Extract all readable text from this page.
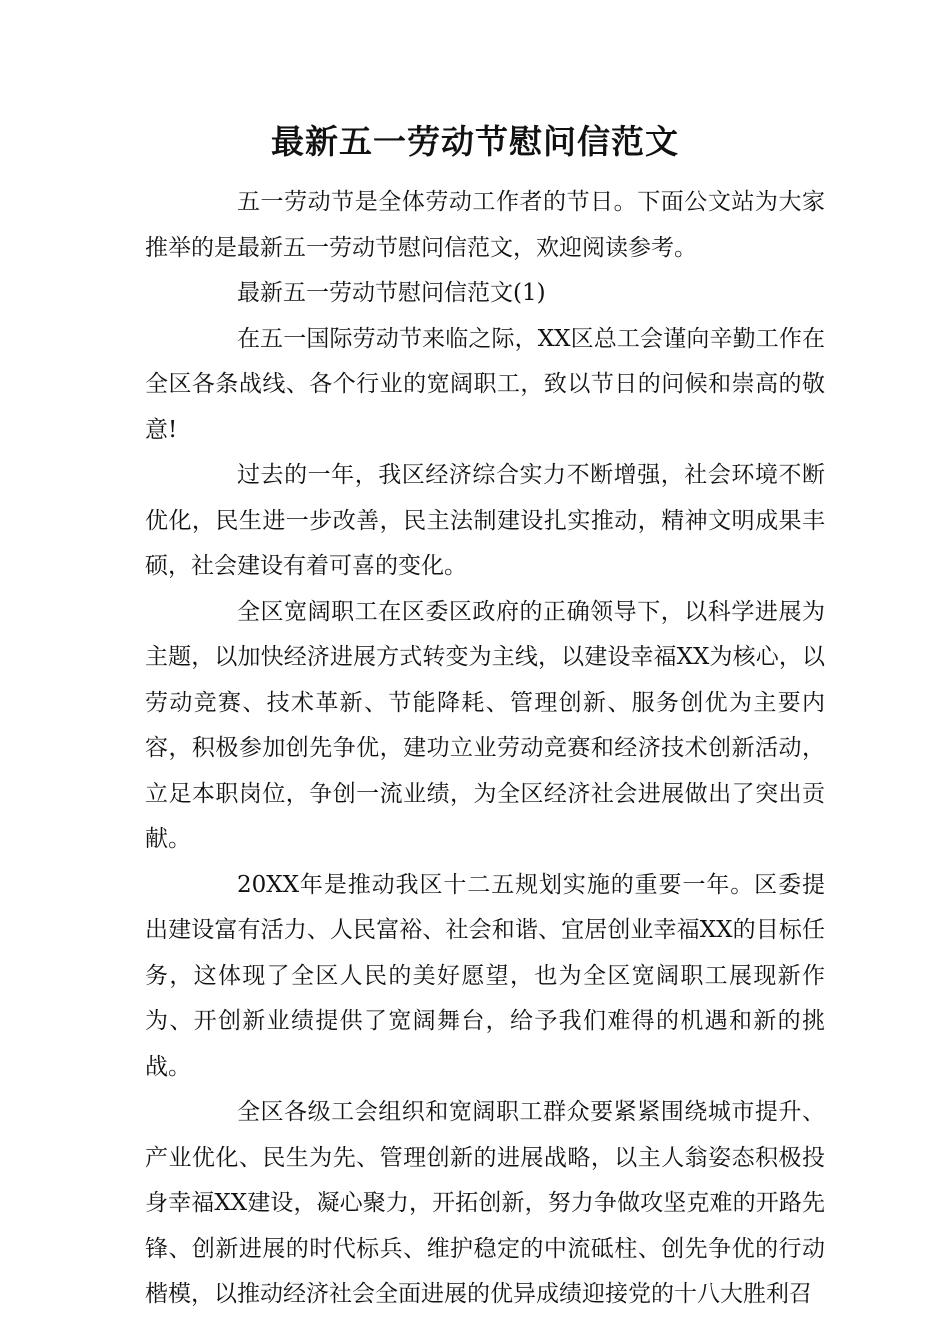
最新五一劳动节慰问信范文

五一劳动节是全体劳动工作者的节日。下面公文站为大家推举的是最新五一劳动节慰问信范文，欢迎阅读参考。

最新五一劳动节慰问信范文(1)

在五一国际劳动节来临之际，XX区总工会谨向辛勤工作在全区各条战线、各个行业的宽阔职工，致以节日的问候和崇高的敬意!

过去的一年，我区经济综合实力不断增强，社会环境不断优化，民生进一步改善，民主法制建设扎实推动，精神文明成果丰硕，社会建设有着可喜的变化。

全区宽阔职工在区委区政府的正确领导下，以科学进展为主题，以加快经济进展方式转变为主线，以建设幸福XX为核心，以劳动竞赛、技术革新、节能降耗、管理创新、服务创优为主要内容，积极参加创先争优，建功立业劳动竞赛和经济技术创新活动，立足本职岗位，争创一流业绩，为全区经济社会进展做出了突出贡献。

20XX年是推动我区十二五规划实施的重要一年。区委提出建设富有活力、人民富裕、社会和谐、宜居创业幸福XX的目标任务，这体现了全区人民的美好愿望，也为全区宽阔职工展现新作为、开创新业绩提供了宽阔舞台，给予我们难得的机遇和新的挑战。

全区各级工会组织和宽阔职工群众要紧紧围绕城市提升、产业优化、民生为先、管理创新的进展战略，以主人翁姿态积极投身幸福XX建设，凝心聚力，开拓创新，努力争做攻坚克难的开路先锋、创新进展的时代标兵、维护稳定的中流砥柱、创先争优的行动楷模，以推动经济社会全面进展的优异成绩迎接党的十八大胜利召
